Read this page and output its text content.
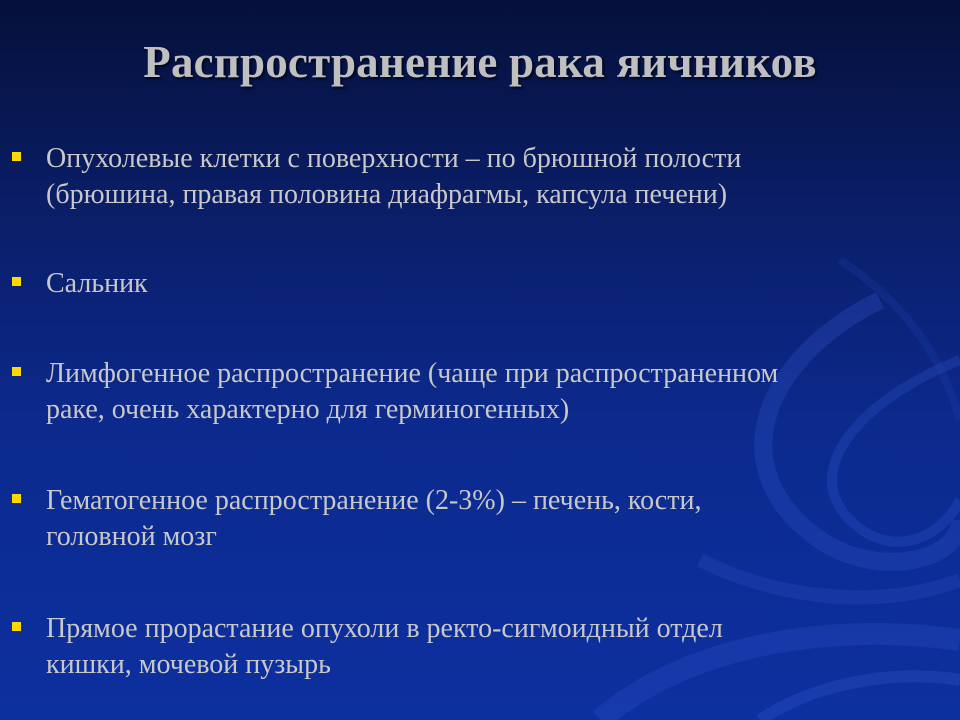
Распространение рака яичников
Опухолевые клетки с поверхности – по брюшной полости
(брюшина, правая половина диафрагмы, капсула печени)
Сальник
Лимфогенное распространение (чаще при распространенном
раке, очень характерно для герминогенных)
Гематогенное распространение (2-3%) – печень, кости,
головной мозг
Прямое прорастание опухоли в ректо-сигмоидный отдел
кишки, мочевой пузырь
